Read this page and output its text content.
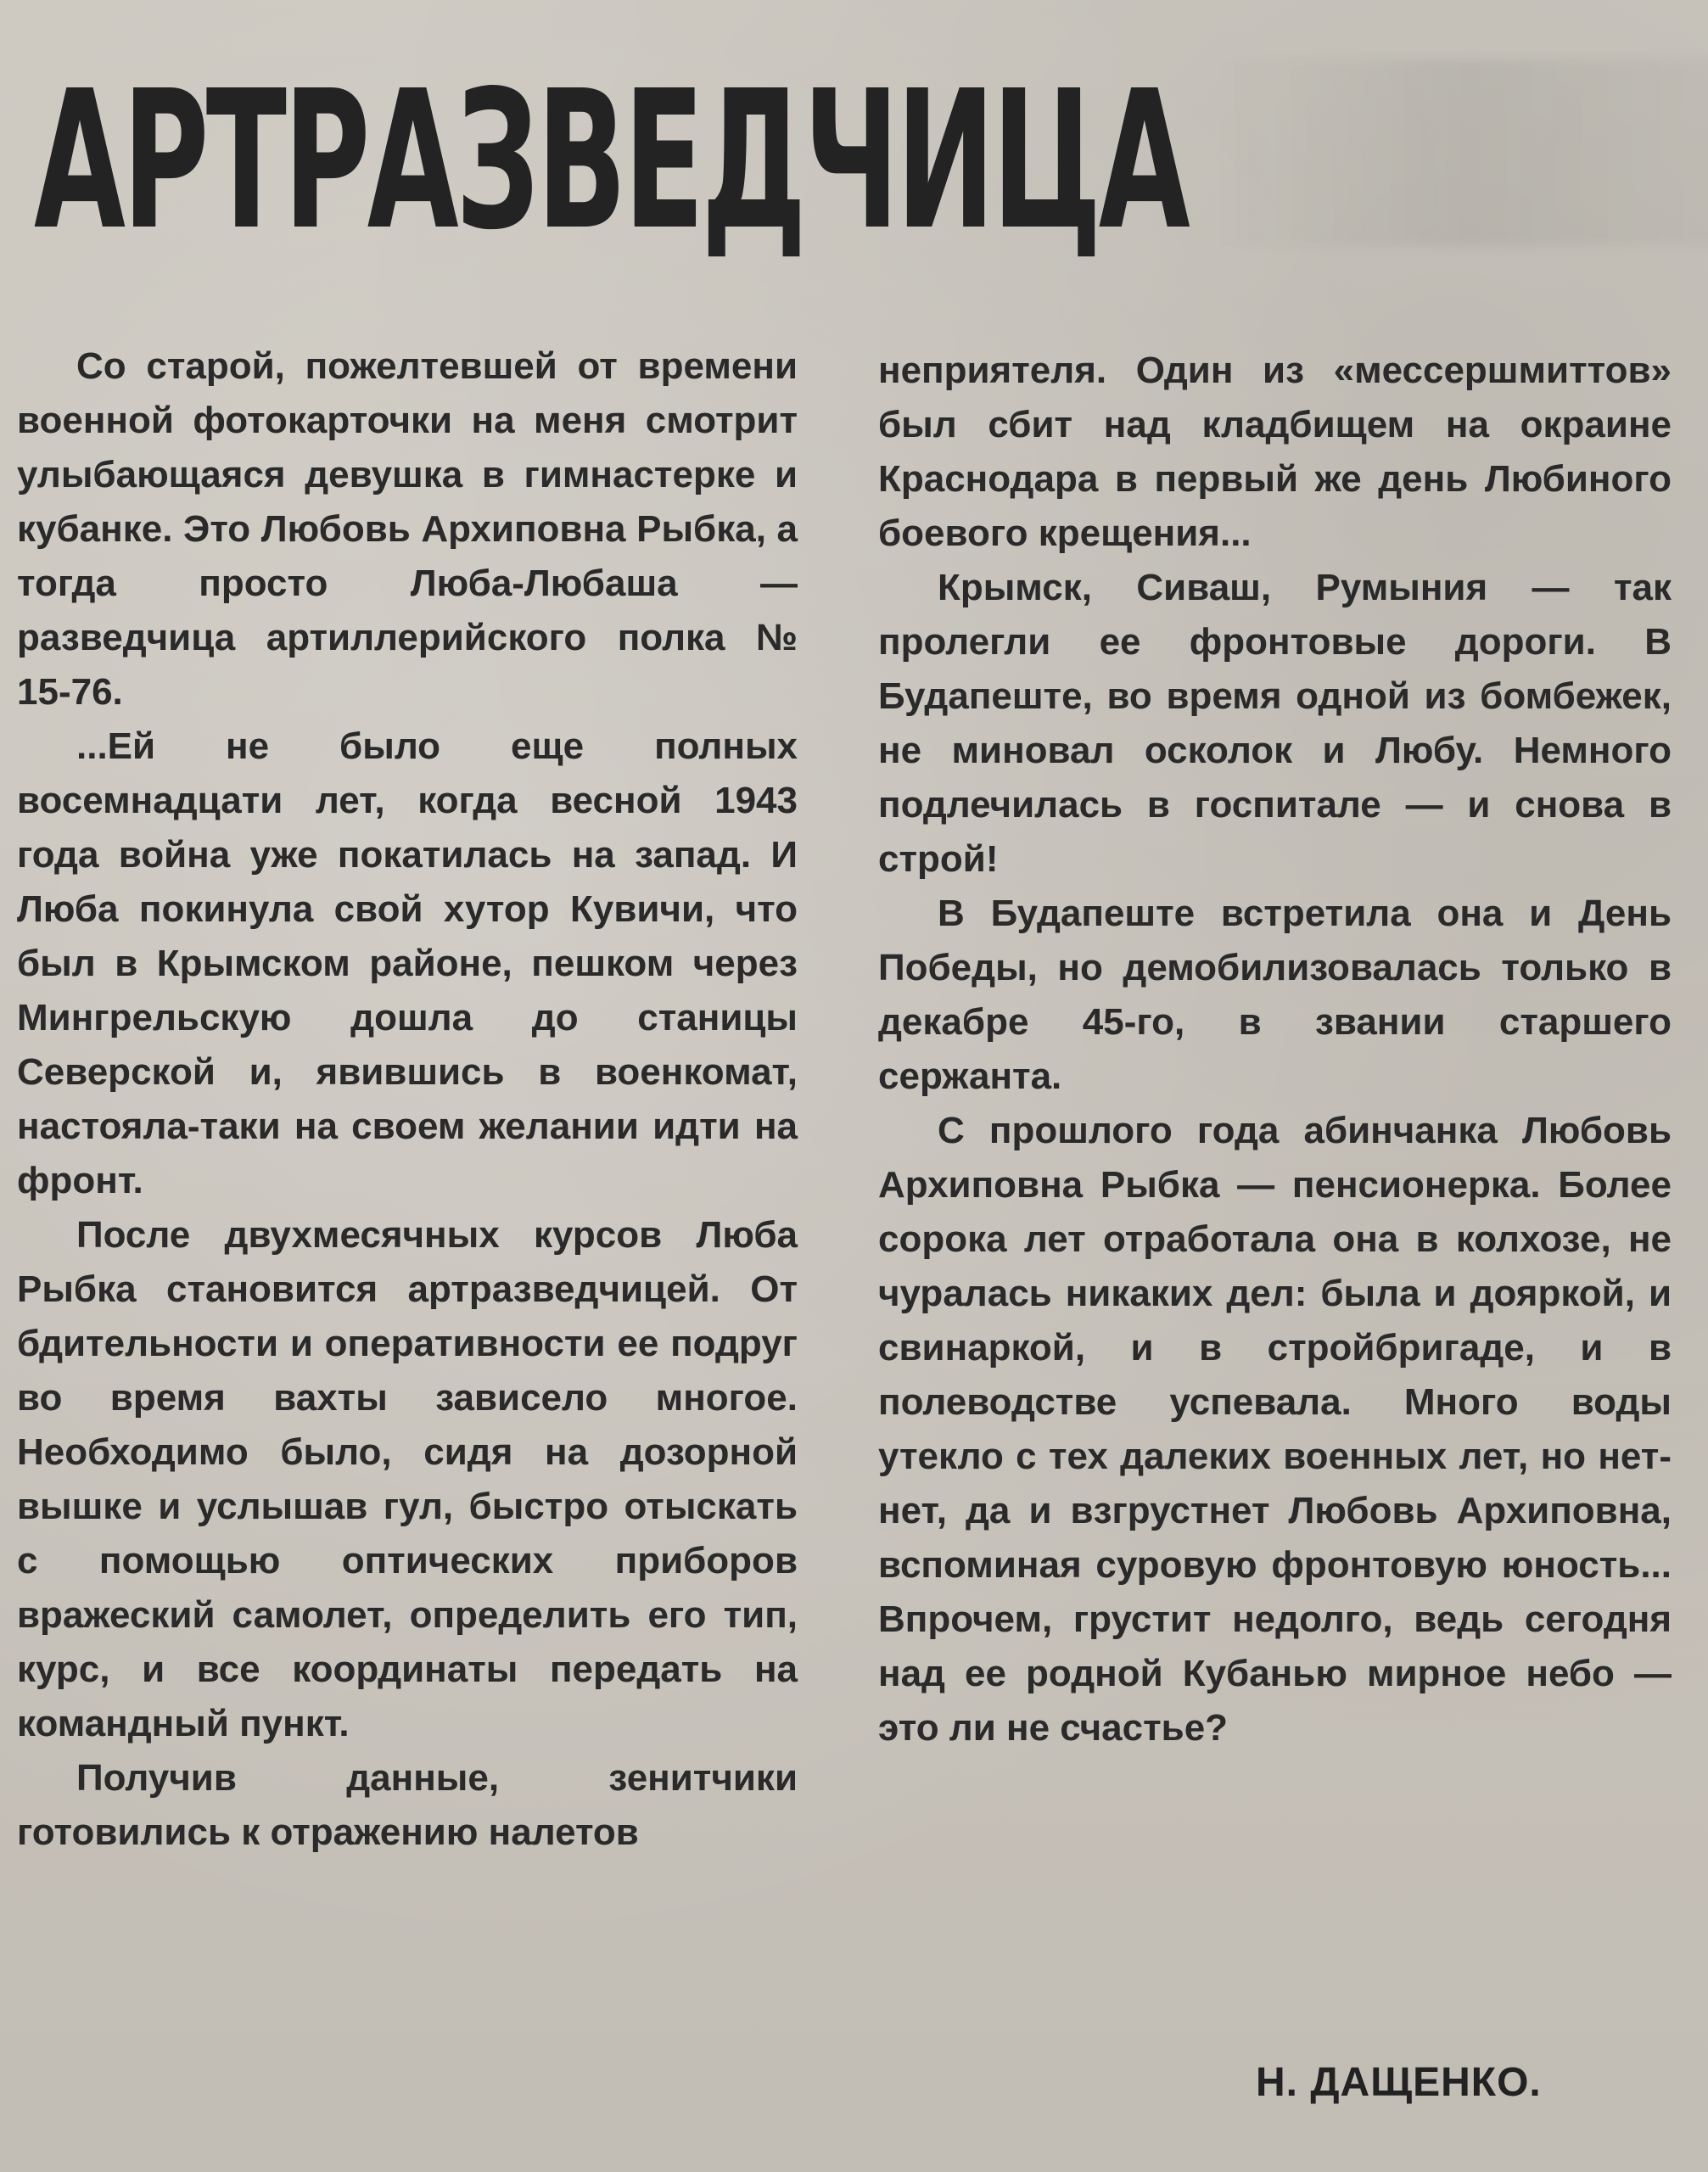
АРТРАЗВЕДЧИЦА

Со старой, пожелтевшей от времени военной фотокарточки на меня смотрит улыбающаяся девушка в гимнастерке и кубанке. Это Любовь Архиповна Рыбка, а тогда просто Люба-Любаша — разведчица артиллерийского полка № 15-76.

...Ей не было еще полных восемнадцати лет, когда весной 1943 года война уже покатилась на запад. И Люба покинула свой хутор Кувичи, что был в Крымском районе, пешком через Мингрельскую дошла до станицы Северской и, явившись в военкомат, настояла-таки на своем желании идти на фронт.

После двухмесячных курсов Люба Рыбка становится артразведчицей. От бдительности и оперативности ее подруг во время вахты зависело многое. Необходимо было, сидя на дозорной вышке и услышав гул, быстро отыскать с помощью оптических приборов вражеский самолет, определить его тип, курс, и все координаты передать на командный пункт.

Получив данные, зенитчики готовились к отражению налетов

неприятеля. Один из «мессершмиттов» был сбит над кладбищем на окраине Краснодара в первый же день Любиного боевого крещения...

Крымск, Сиваш, Румыния — так пролегли ее фронтовые дороги. В Будапеште, во время одной из бомбежек, не миновал осколок и Любу. Немного подлечилась в госпитале — и снова в строй!

В Будапеште встретила она и День Победы, но демобилизовалась только в декабре 45-го, в звании старшего сержанта.

С прошлого года абинчанка Любовь Архиповна Рыбка — пенсионерка. Более сорока лет отработала она в колхозе, не чуралась никаких дел: была и дояркой, и свинаркой, и в стройбригаде, и в полеводстве успевала. Много воды утекло с тех далеких военных лет, но нет-нет, да и взгрустнет Любовь Архиповна, вспоминая суровую фронтовую юность... Впрочем, грустит недолго, ведь сегодня над ее родной Кубанью мирное небо — это ли не счастье?

Н. ДАЩЕНКО.
